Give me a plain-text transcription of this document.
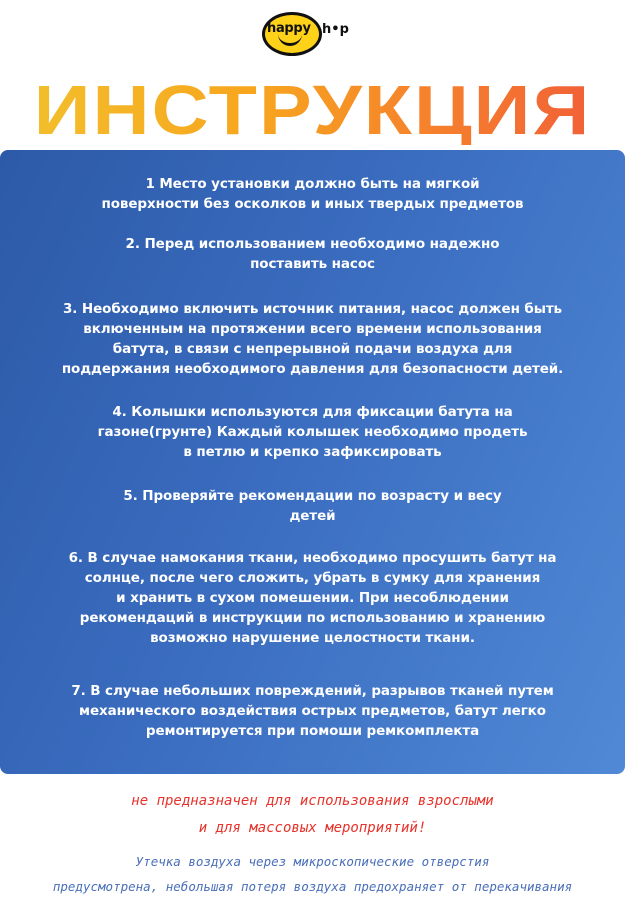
happy h•p
ИНСТРУКЦИЯ
1 Место установки должно быть на мягкой
поверхности без осколков и иных твердых предметов
2. Перед использованием необходимо надежно
поставить насос
3. Необходимо включить источник питания, насос должен быть
включенным на протяжении всего времени использования
батута, в связи с непрерывной подачи воздуха для
поддержания необходимого давления для безопасности детей.
4. Колышки используются для фиксации батута на
газоне(грунте) Каждый колышек необходимо продеть
в петлю и крепко зафиксировать
5. Проверяйте рекомендации по возрасту и весу
детей
6. В случае намокания ткани, необходимо просушить батут на
солнце, после чего сложить, убрать в сумку для хранения
и хранить в сухом помешении. При несоблюдении
рекомендаций в инструкции по использованию и хранению
возможно нарушение целостности ткани.
7. В случае небольших повреждений, разрывов тканей путем
механического воздействия острых предметов, батут легко
ремонтируется при помоши ремкомплекта
не предназначен для использования взрослыми
и для массовых мероприятий!
Утечка воздуха через микроскопические отверстия
предусмотрена, небольшая потеря воздуха предохраняет от перекачивания
